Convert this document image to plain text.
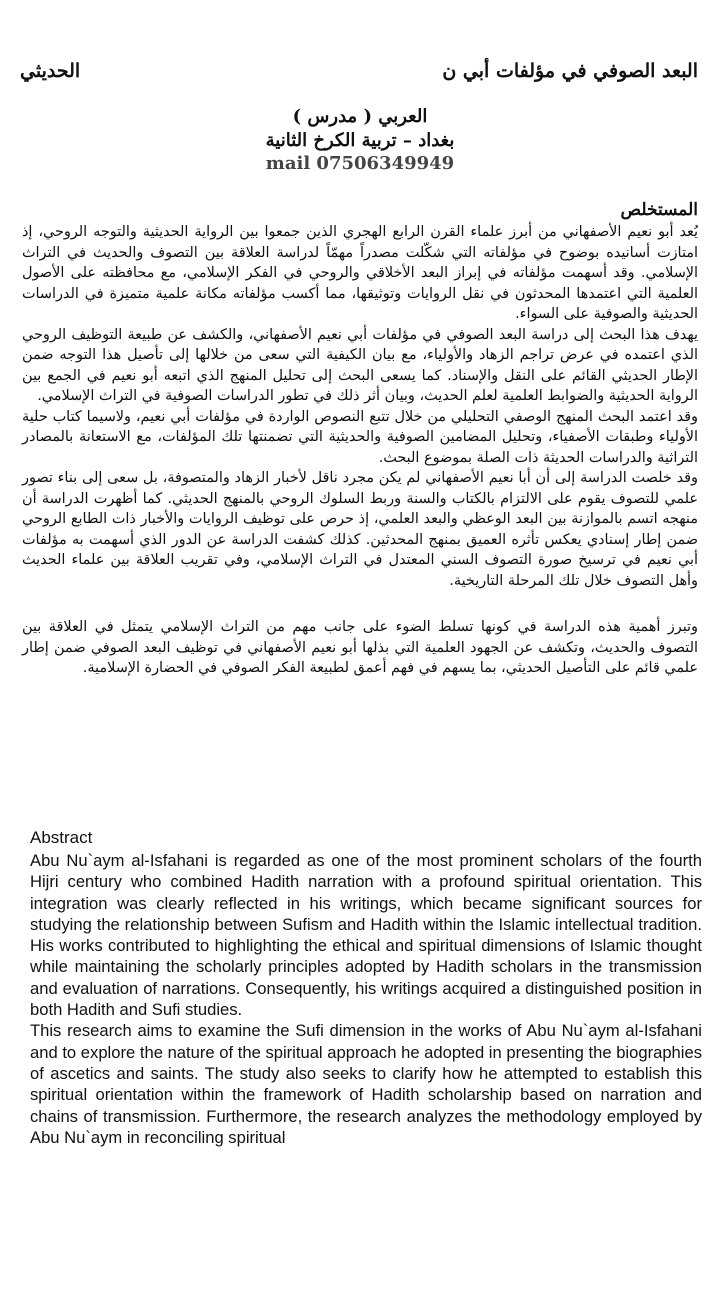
البعد الصوفي في مؤلفات أبي ن
الحديثي
العربي ( مدرس )
بغداد – تربية الكرخ الثانية
mail 07506349949
المستخلص

يُعد أبو نعيم الأصفهاني من أبرز علماء القرن الرابع الهجري الذين جمعوا بين الرواية الحديثية والتوجه الروحي، إذ امتازت أسانيده بوضوح في مؤلفاته التي شكّلت مصدراً مهمّاً لدراسة العلاقة بين التصوف والحديث في التراث الإسلامي. وقد أسهمت مؤلفاته في إبراز البعد الأخلاقي والروحي في الفكر الإسلامي، مع محافظته على الأصول العلمية التي اعتمدها المحدثون في نقل الروايات وتوثيقها، مما أكسب مؤلفاته مكانة علمية متميزة في الدراسات الحديثية والصوفية على السواء.

يهدف هذا البحث إلى دراسة البعد الصوفي في مؤلفات أبي نعيم الأصفهاني، والكشف عن طبيعة التوظيف الروحي الذي اعتمده في عرض تراجم الزهاد والأولياء، مع بيان الكيفية التي سعى من خلالها إلى تأصيل هذا التوجه ضمن الإطار الحديثي القائم على النقل والإسناد. كما يسعى البحث إلى تحليل المنهج الذي اتبعه أبو نعيم في الجمع بين الرواية الحديثية والضوابط العلمية لعلم الحديث، وبيان أثر ذلك في تطور الدراسات الصوفية في التراث الإسلامي.

وقد اعتمد البحث المنهج الوصفي التحليلي من خلال تتبع النصوص الواردة في مؤلفات أبي نعيم، ولاسيما كتاب حلية الأولياء وطبقات الأصفياء، وتحليل المضامين الصوفية والحديثية التي تضمنتها تلك المؤلفات، مع الاستعانة بالمصادر التراثية والدراسات الحديثة ذات الصلة بموضوع البحث.

وقد خلصت الدراسة إلى أن أبا نعيم الأصفهاني لم يكن مجرد ناقل لأخبار الزهاد والمتصوفة، بل سعى إلى بناء تصور علمي للتصوف يقوم على الالتزام بالكتاب والسنة وربط السلوك الروحي بالمنهج الحديثي. كما أظهرت الدراسة أن منهجه اتسم بالموازنة بين البعد الوعظي والبعد العلمي، إذ حرص على توظيف الروايات والأخبار ذات الطابع الروحي ضمن إطار إسنادي يعكس تأثره العميق بمنهج المحدثين. كذلك كشفت الدراسة عن الدور الذي أسهمت به مؤلفات أبي نعيم في ترسيخ صورة التصوف السني المعتدل في التراث الإسلامي، وفي تقريب العلاقة بين علماء الحديث وأهل التصوف خلال تلك المرحلة التاريخية.

وتبرز أهمية هذه الدراسة في كونها تسلط الضوء على جانب مهم من التراث الإسلامي يتمثل في العلاقة بين التصوف والحديث، وتكشف عن الجهود العلمية التي بذلها أبو نعيم الأصفهاني في توظيف البعد الصوفي ضمن إطار علمي قائم على التأصيل الحديثي، بما يسهم في فهم أعمق لطبيعة الفكر الصوفي في الحضارة الإسلامية.

Abstract

Abu Nu`aym al-Isfahani is regarded as one of the most prominent scholars of the fourth Hijri century who combined Hadith narration with a profound spiritual orientation. This integration was clearly reflected in his writings, which became significant sources for studying the relationship between Sufism and Hadith within the Islamic intellectual tradition. His works contributed to highlighting the ethical and spiritual dimensions of Islamic thought while maintaining the scholarly principles adopted by Hadith scholars in the transmission and evaluation of narrations. Consequently, his writings acquired a distinguished position in both Hadith and Sufi studies.

This research aims to examine the Sufi dimension in the works of Abu Nu`aym al-Isfahani and to explore the nature of the spiritual approach he adopted in presenting the biographies of ascetics and saints. The study also seeks to clarify how he attempted to establish this spiritual orientation within the framework of Hadith scholarship based on narration and chains of transmission. Furthermore, the research analyzes the methodology employed by Abu Nu`aym in reconciling spiritual
